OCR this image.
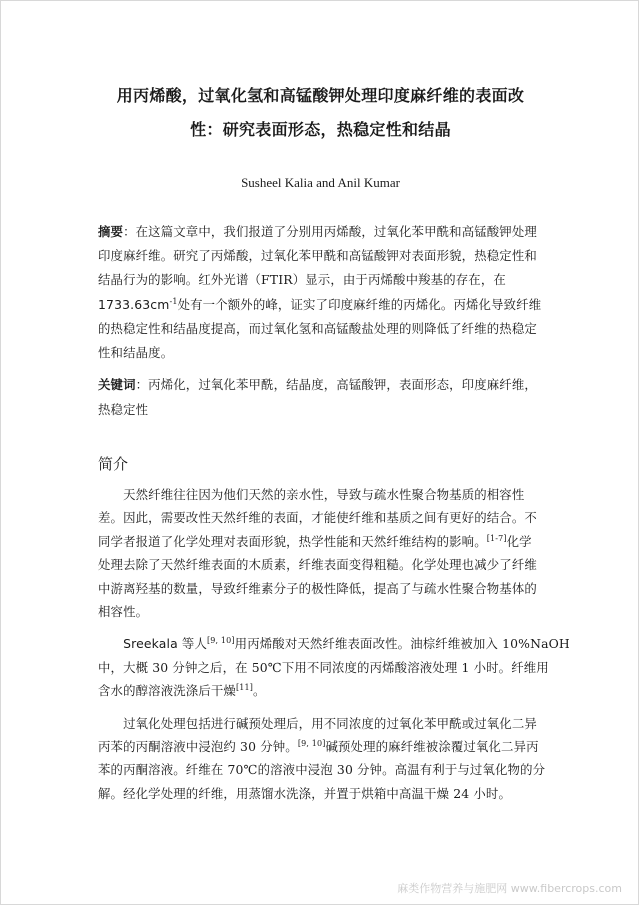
用丙烯酸，过氧化氢和高锰酸钾处理印度麻纤维的表面改
性：研究表面形态，热稳定性和结晶
Susheel Kalia and Anil Kumar
摘要：在这篇文章中，我们报道了分别用丙烯酸，过氧化苯甲酰和高锰酸钾处理
印度麻纤维。研究了丙烯酸，过氧化苯甲酰和高锰酸钾对表面形貌，热稳定性和
结晶行为的影响。红外光谱（FTIR）显示，由于丙烯酸中羧基的存在，在
$1733.63cm^{-1}$处有一个额外的峰，证实了印度麻纤维的丙烯化。丙烯化导致纤维
的热稳定性和结晶度提高，而过氧化氢和高锰酸盐处理的则降低了纤维的热稳定
性和结晶度。
关键词：丙烯化，过氧化苯甲酰，结晶度，高锰酸钾，表面形态，印度麻纤维，
热稳定性
简介
　　天然纤维往往因为他们天然的亲水性，导致与疏水性聚合物基质的相容性
差。因此，需要改性天然纤维的表面，才能使纤维和基质之间有更好的结合。不
同学者报道了化学处理对表面形貌，热学性能和天然纤维结构的影响。[1-7]化学
处理去除了天然纤维表面的木质素，纤维表面变得粗糙。化学处理也减少了纤维
中游离羟基的数量，导致纤维素分子的极性降低，提高了与疏水性聚合物基体的
相容性。
　　Sreekala 等人[9, 10]用丙烯酸对天然纤维表面改性。油棕纤维被加入 10%NaOH
中，大概 30 分钟之后，在 50℃下用不同浓度的丙烯酸溶液处理 1 小时。纤维用
含水的醇溶液洗涤后干燥[11]。
　　过氧化处理包括进行碱预处理后，用不同浓度的过氧化苯甲酰或过氧化二异
丙苯的丙酮溶液中浸泡约 30 分钟。[9, 10]碱预处理的麻纤维被涂覆过氧化二异丙
苯的丙酮溶液。纤维在 70℃的溶液中浸泡 30 分钟。高温有利于与过氧化物的分
解。经化学处理的纤维，用蒸馏水洗涤，并置于烘箱中高温干燥 24 小时。
麻类作物营养与施肥网 www.fibercrops.com
